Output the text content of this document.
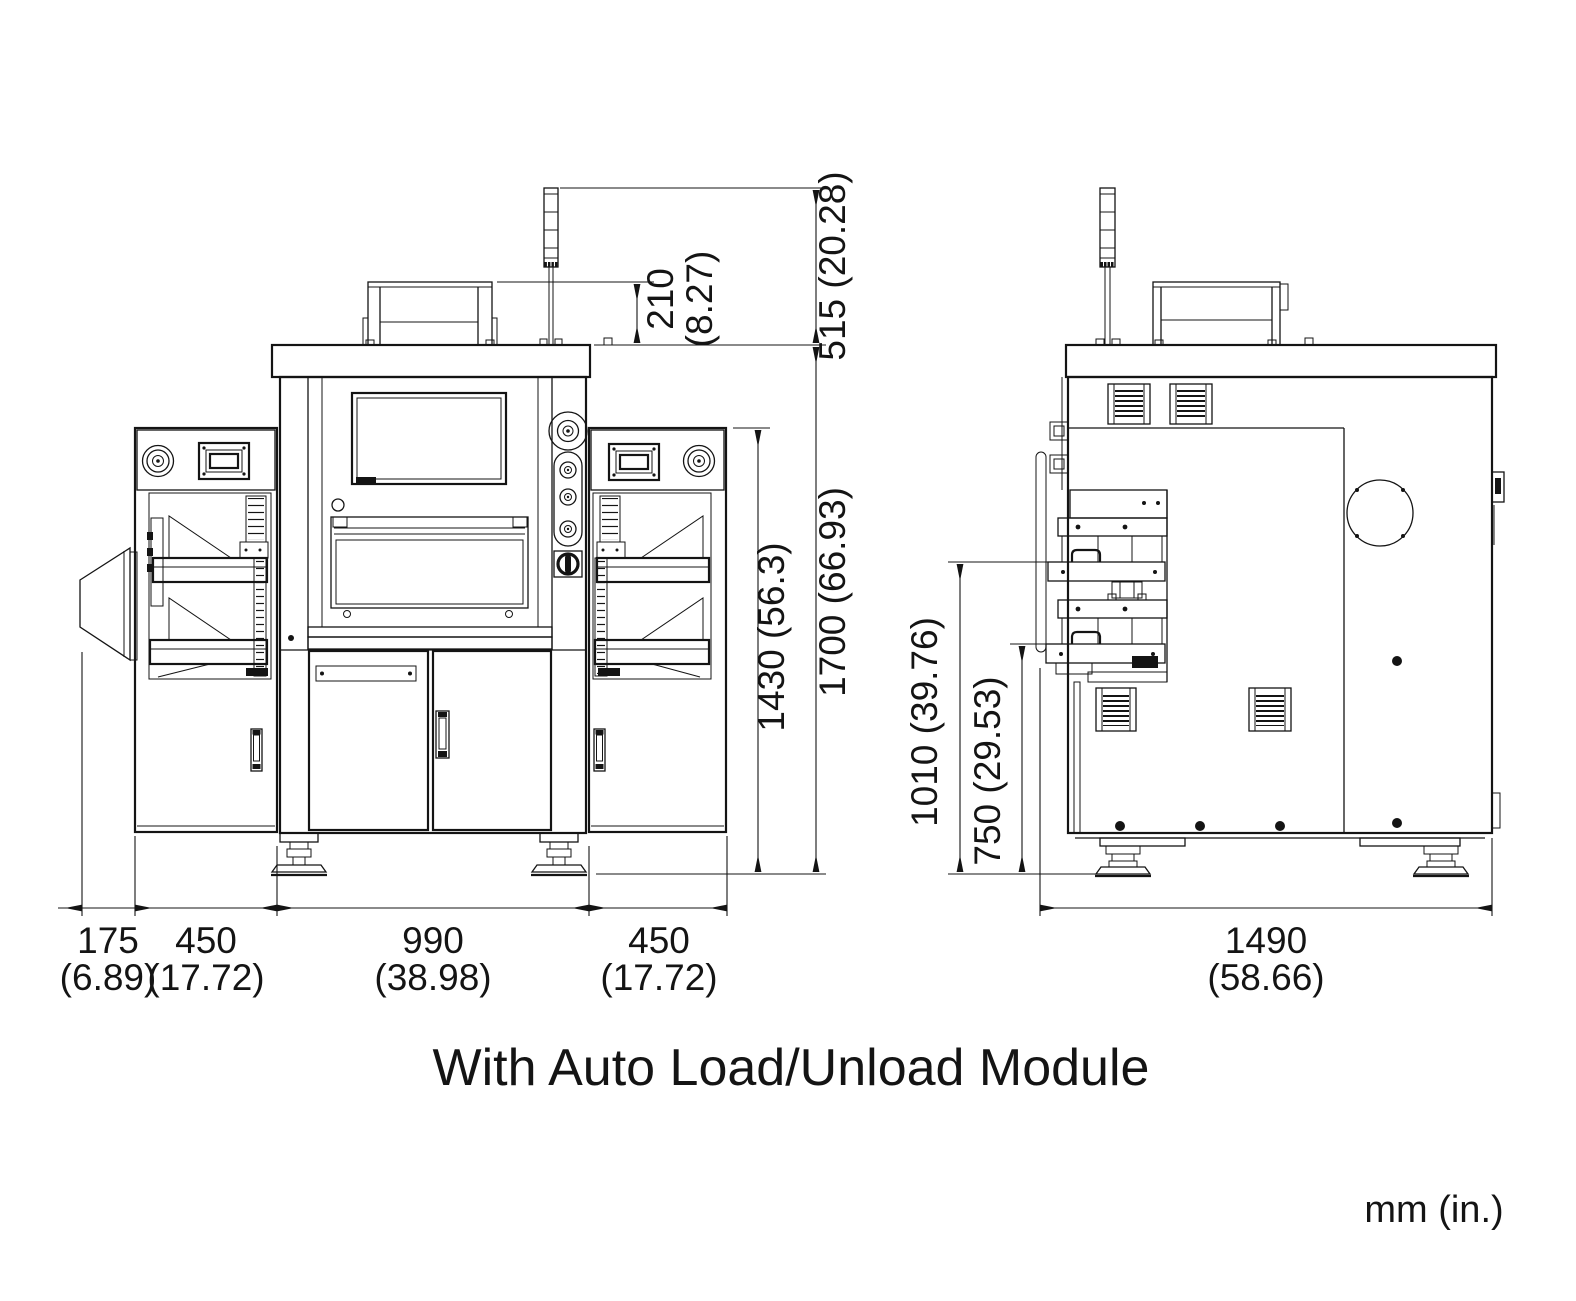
515 (20.28)
210
(8.27)
1430 (56.3) 1700 (66.93)
175
(6.89)
450
(17.72)
990
(38.98)
450
(17.72)
1010 (39.76) 750 (29.53)
1490
(58.66)
With Auto Load/Unload Module
mm (in.)
